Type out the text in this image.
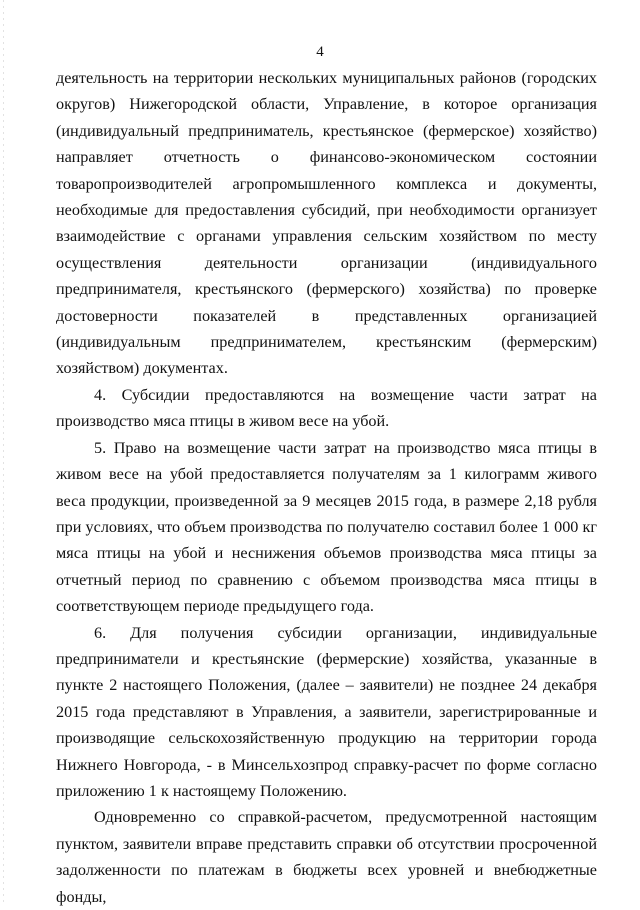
4

деятельность на территории нескольких муниципальных районов (городских округов) Нижегородской области, Управление, в которое организация (индивидуальный предприниматель, крестьянское (фермерское) хозяйство) направляет отчетность о финансово-экономическом состоянии товаропроизводителей агропромышленного комплекса и документы, необходимые для предоставления субсидий, при необходимости организует взаимодействие с органами управления сельским хозяйством по месту осуществления деятельности организации (индивидуального предпринимателя, крестьянского (фермерского) хозяйства) по проверке достоверности показателей в представленных организацией (индивидуальным предпринимателем, крестьянским (фермерским) хозяйством) документах.

4. Субсидии предоставляются на возмещение части затрат на производство мяса птицы в живом весе на убой.

5. Право на возмещение части затрат на производство мяса птицы в живом весе на убой предоставляется получателям за 1 килограмм живого веса продукции, произведенной за 9 месяцев 2015 года, в размере 2,18 рубля при условиях, что объем производства по получателю составил более 1 000 кг мяса птицы на убой и неснижения объемов производства мяса птицы за отчетный период по сравнению с объемом производства мяса птицы в соответствующем периоде предыдущего года.

6. Для получения субсидии организации, индивидуальные предприниматели и крестьянские (фермерские) хозяйства, указанные в пункте 2 настоящего Положения, (далее – заявители) не позднее 24 декабря 2015 года представляют в Управления, а заявители, зарегистрированные и производящие сельскохозяйственную продукцию на территории города Нижнего Новгорода, - в Минсельхозпрод справку-расчет по форме согласно приложению 1 к настоящему Положению.

Одновременно со справкой-расчетом, предусмотренной настоящим пунктом, заявители вправе представить справки об отсутствии просроченной задолженности по платежам в бюджеты всех уровней и внебюджетные фонды,
